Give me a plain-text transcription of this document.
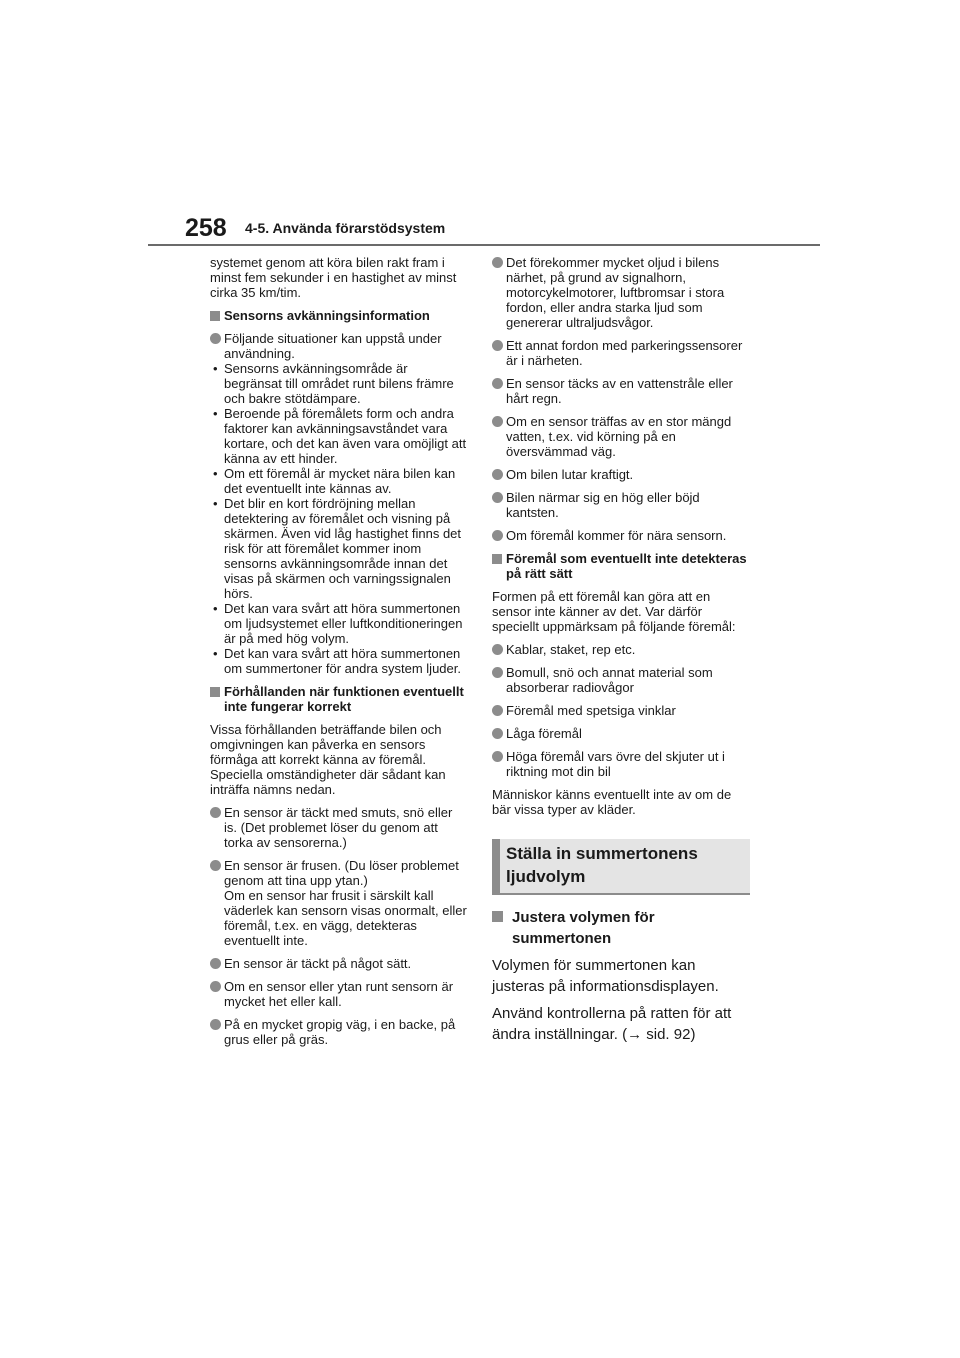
258 4-5. Använda förarstödsystem

systemet genom att köra bilen rakt fram i minst fem sekunder i en hastighet av minst cirka 35 km/tim.

Sensorns avkänningsinformation
Följande situationer kan uppstå under användning.
• Sensorns avkänningsområde är begränsat till området runt bilens främre och bakre stötdämpare.
• Beroende på föremålets form och andra faktorer kan avkänningsavståndet vara kortare, och det kan även vara omöjligt att känna av ett hinder.
• Om ett föremål är mycket nära bilen kan det eventuellt inte kännas av.
• Det blir en kort fördröjning mellan detektering av föremålet och visning på skärmen. Även vid låg hastighet finns det risk för att föremålet kommer inom sensorns avkänningsområde innan det visas på skärmen och varningssignalen hörs.
• Det kan vara svårt att höra summertonen om ljudsystemet eller luftkonditioneringen är på med hög volym.
• Det kan vara svårt att höra summertonen om summertoner för andra system ljuder.
Förhållanden när funktionen eventuellt inte fungerar korrekt

Vissa förhållanden beträffande bilen och omgivningen kan påverka en sensors förmåga att korrekt känna av föremål. Speciella omständigheter där sådant kan inträffa nämns nedan.

En sensor är täckt med smuts, snö eller is. (Det problemet löser du genom att torka av sensorerna.)
En sensor är frusen. (Du löser problemet genom att tina upp ytan.)
Om en sensor har frusit i särskilt kall väderlek kan sensorn visas onormalt, eller föremål, t.ex. en vägg, detekteras eventuellt inte.
En sensor är täckt på något sätt.
Om en sensor eller ytan runt sensorn är mycket het eller kall.
På en mycket gropig väg, i en backe, på grus eller på gräs.
Det förekommer mycket oljud i bilens närhet, på grund av signalhorn, motorcykelmotorer, luftbromsar i stora fordon, eller andra starka ljud som genererar ultraljudsvågor.
Ett annat fordon med parkeringssensorer är i närheten.
En sensor täcks av en vattenstråle eller hårt regn.
Om en sensor träffas av en stor mängd vatten, t.ex. vid körning på en översvämmad väg.
Om bilen lutar kraftigt.
Bilen närmar sig en hög eller böjd kantsten.
Om föremål kommer för nära sensorn.
Föremål som eventuellt inte detekteras på rätt sätt

Formen på ett föremål kan göra att en sensor inte känner av det. Var därför speciellt uppmärksam på följande föremål:

Kablar, staket, rep etc.
Bomull, snö och annat material som absorberar radiovågor
Föremål med spetsiga vinklar
Låga föremål
Höga föremål vars övre del skjuter ut i riktning mot din bil

Människor känns eventuellt inte av om de bär vissa typer av kläder.

Ställa in summertonens ljudvolym
Justera volymen för summertonen

Volymen för summertonen kan justeras på informationsdisplayen.

Använd kontrollerna på ratten för att ändra inställningar. (→ sid. 92)
